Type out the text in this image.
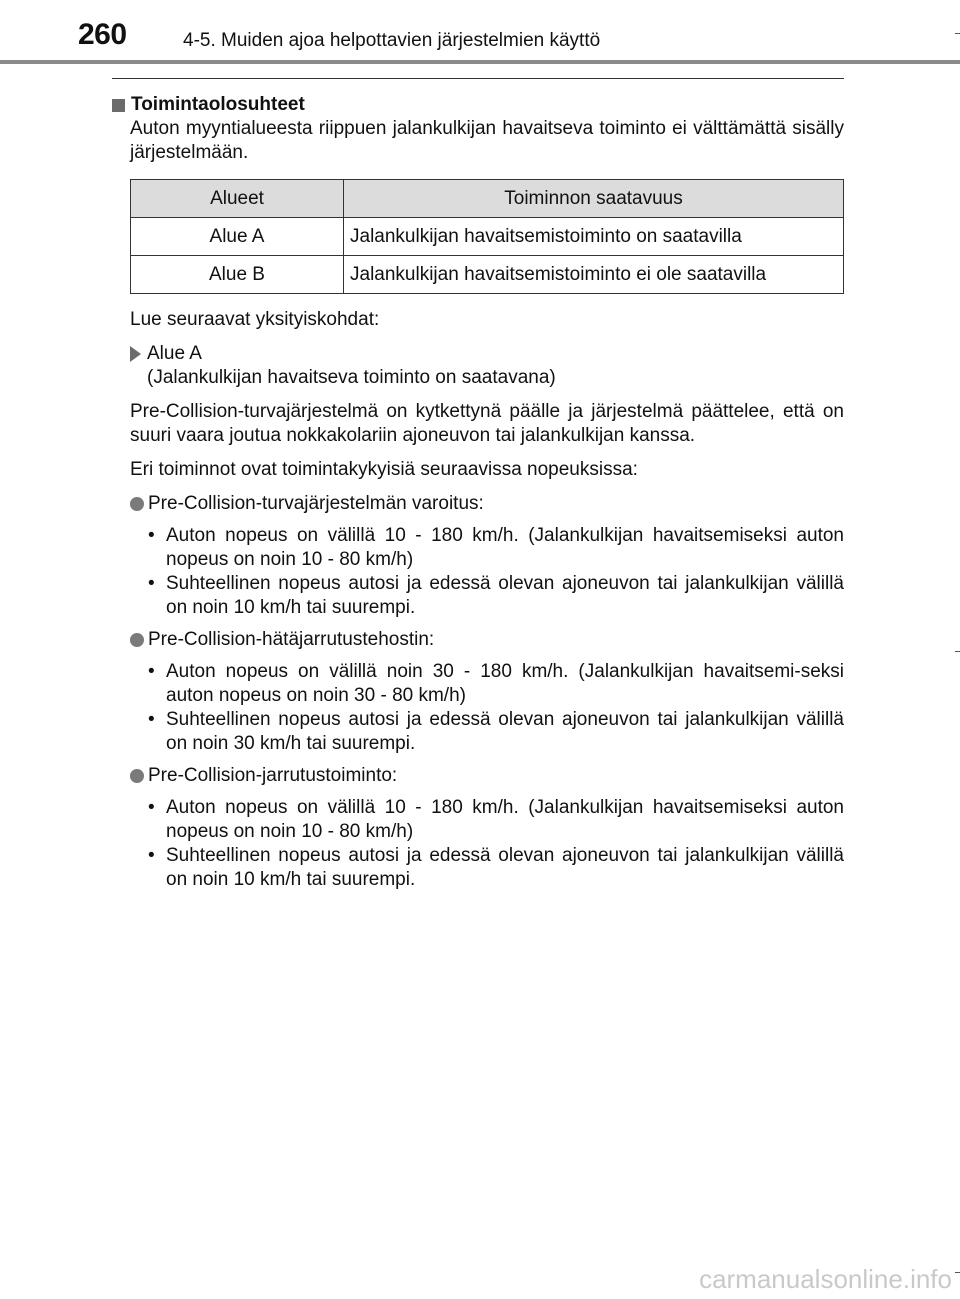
260	4-5. Muiden ajoa helpottavien järjestelmien käyttö
Toimintaolosuhteet

Auton myyntialueesta riippuen jalankulkijan havaitseva toiminto ei välttämättä sisälly järjestelmään.

Alueet	Toiminnon saatavuus
Alue A	Jalankulkijan havaitsemistoiminto on saatavilla
Alue B	Jalankulkijan havaitsemistoiminto ei ole saatavilla

Lue seuraavat yksityiskohdat:

Alue A
(Jalankulkijan havaitseva toiminto on saatavana)

Pre-Collision-turvajärjestelmä on kytkettynä päälle ja järjestelmä päättelee, että on suuri vaara joutua nokkakolariin ajoneuvon tai jalankulkijan kanssa.

Eri toiminnot ovat toimintakykyisiä seuraavissa nopeuksissa:

Pre-Collision-turvajärjestelmän varoitus:
• Auton nopeus on välillä 10 - 180 km/h. (Jalankulkijan havaitsemiseksi auton nopeus on noin 10 - 80 km/h)
• Suhteellinen nopeus autosi ja edessä olevan ajoneuvon tai jalankulkijan välillä on noin 10 km/h tai suurempi.
Pre-Collision-hätäjarrutustehostin:
• Auton nopeus on välillä noin 30 - 180 km/h. (Jalankulkijan havaitsemi-seksi auton nopeus on noin 30 - 80 km/h)
• Suhteellinen nopeus autosi ja edessä olevan ajoneuvon tai jalankulkijan välillä on noin 30 km/h tai suurempi.
Pre-Collision-jarrutustoiminto:
• Auton nopeus on välillä 10 - 180 km/h. (Jalankulkijan havaitsemiseksi auton nopeus on noin 10 - 80 km/h)
• Suhteellinen nopeus autosi ja edessä olevan ajoneuvon tai jalankulkijan välillä on noin 10 km/h tai suurempi.
carmanualsonline.info
